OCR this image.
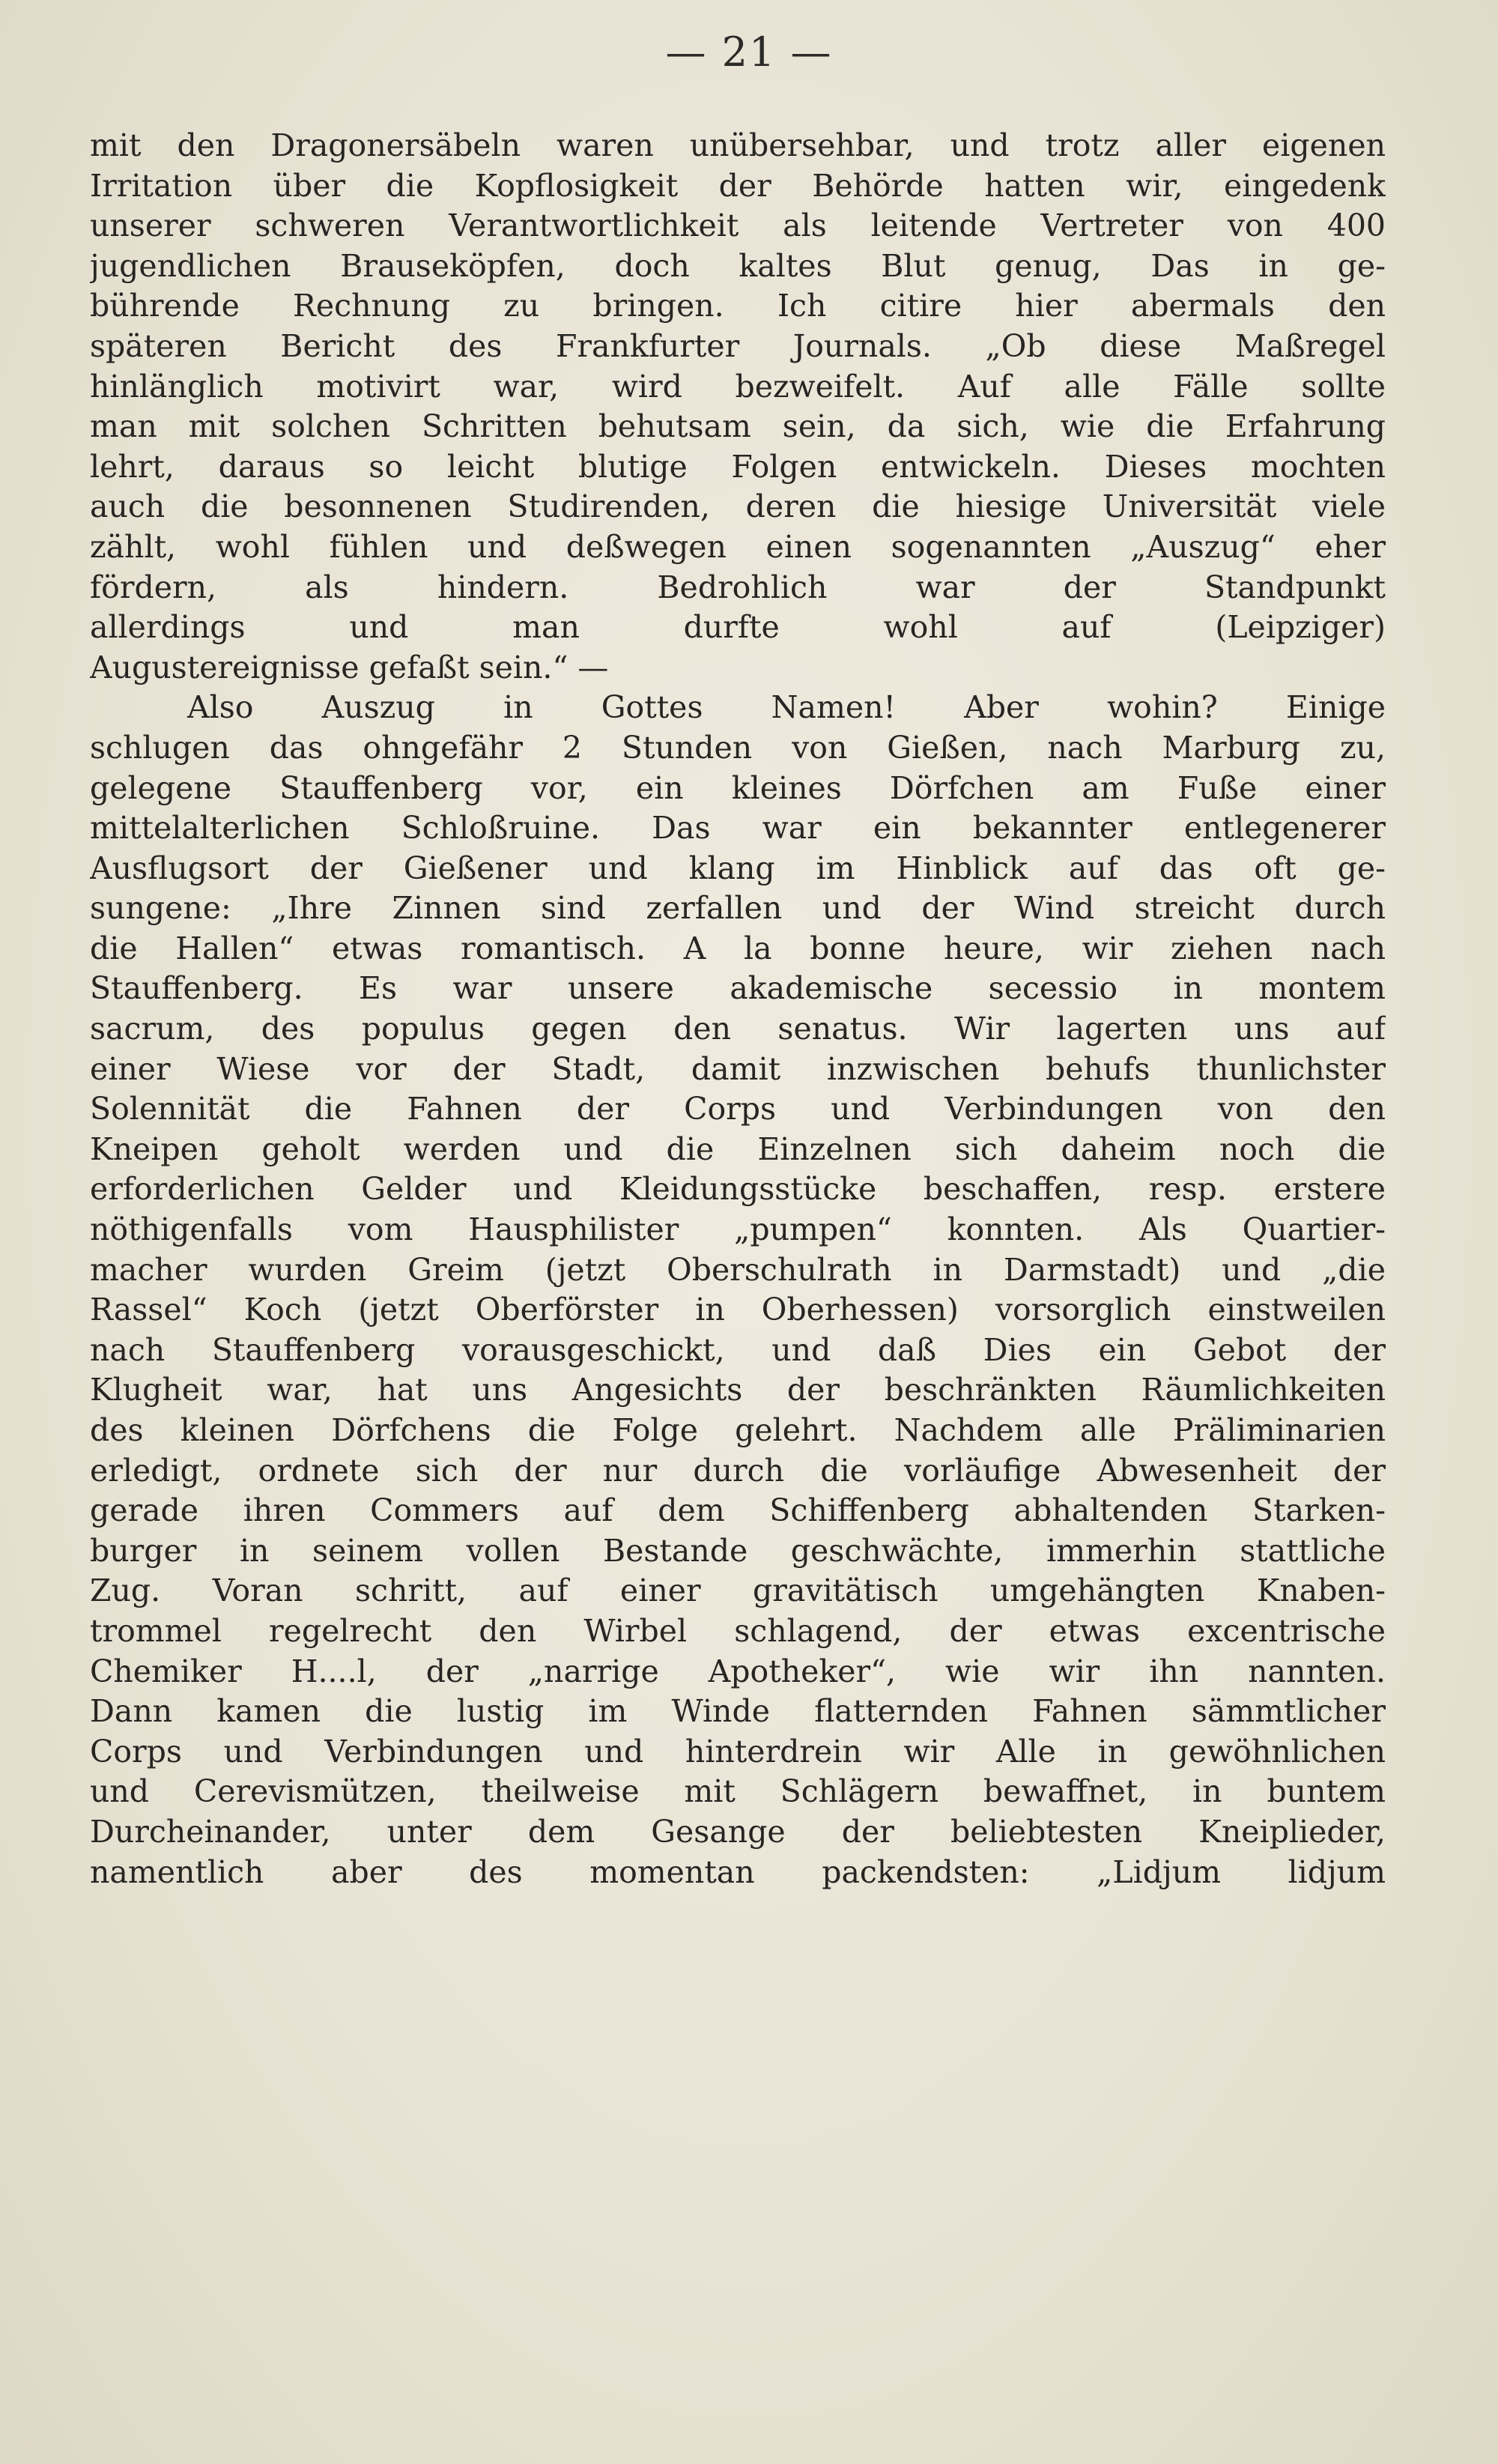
— 21 —
mit den Dragonersäbeln waren unübersehbar, und trotz aller eigenen
Irritation über die Kopflosigkeit der Behörde hatten wir, eingedenk
unserer schweren Verantwortlichkeit als leitende Vertreter von 400
jugendlichen Brauseköpfen, doch kaltes Blut genug, Das in ge-
bührende Rechnung zu bringen. Ich citire hier abermals den
späteren Bericht des Frankfurter Journals. „Ob diese Maßregel
hinlänglich motivirt war, wird bezweifelt. Auf alle Fälle sollte
man mit solchen Schritten behutsam sein, da sich, wie die Erfahrung
lehrt, daraus so leicht blutige Folgen entwickeln. Dieses mochten
auch die besonnenen Studirenden, deren die hiesige Universität viele
zählt, wohl fühlen und deßwegen einen sogenannten „Auszug“ eher
fördern, als hindern. Bedrohlich war der Standpunkt
allerdings und man durfte wohl auf (Leipziger)
Augustereignisse gefaßt sein.“ —
Also Auszug in Gottes Namen! Aber wohin? Einige
schlugen das ohngefähr 2 Stunden von Gießen, nach Marburg zu,
gelegene Stauffenberg vor, ein kleines Dörfchen am Fuße einer
mittelalterlichen Schloßruine. Das war ein bekannter entlegenerer
Ausflugsort der Gießener und klang im Hinblick auf das oft ge-
sungene: „Ihre Zinnen sind zerfallen und der Wind streicht durch
die Hallen“ etwas romantisch. A la bonne heure, wir ziehen nach
Stauffenberg. Es war unsere akademische secessio in montem
sacrum, des populus gegen den senatus. Wir lagerten uns auf
einer Wiese vor der Stadt, damit inzwischen behufs thunlichster
Solennität die Fahnen der Corps und Verbindungen von den
Kneipen geholt werden und die Einzelnen sich daheim noch die
erforderlichen Gelder und Kleidungsstücke beschaffen, resp. erstere
nöthigenfalls vom Hausphilister „pumpen“ konnten. Als Quartier-
macher wurden Greim (jetzt Oberschulrath in Darmstadt) und „die
Rassel“ Koch (jetzt Oberförster in Oberhessen) vorsorglich einstweilen
nach Stauffenberg vorausgeschickt, und daß Dies ein Gebot der
Klugheit war, hat uns Angesichts der beschränkten Räumlichkeiten
des kleinen Dörfchens die Folge gelehrt. Nachdem alle Präliminarien
erledigt, ordnete sich der nur durch die vorläufige Abwesenheit der
gerade ihren Commers auf dem Schiffenberg abhaltenden Starken-
burger in seinem vollen Bestande geschwächte, immerhin stattliche
Zug. Voran schritt, auf einer gravitätisch umgehängten Knaben-
trommel regelrecht den Wirbel schlagend, der etwas excentrische
Chemiker H....l, der „narrige Apotheker“, wie wir ihn nannten.
Dann kamen die lustig im Winde flatternden Fahnen sämmtlicher
Corps und Verbindungen und hinterdrein wir Alle in gewöhnlichen
und Cerevismützen, theilweise mit Schlägern bewaffnet, in buntem
Durcheinander, unter dem Gesange der beliebtesten Kneiplieder,
namentlich aber des momentan packendsten: „Lidjum lidjum
